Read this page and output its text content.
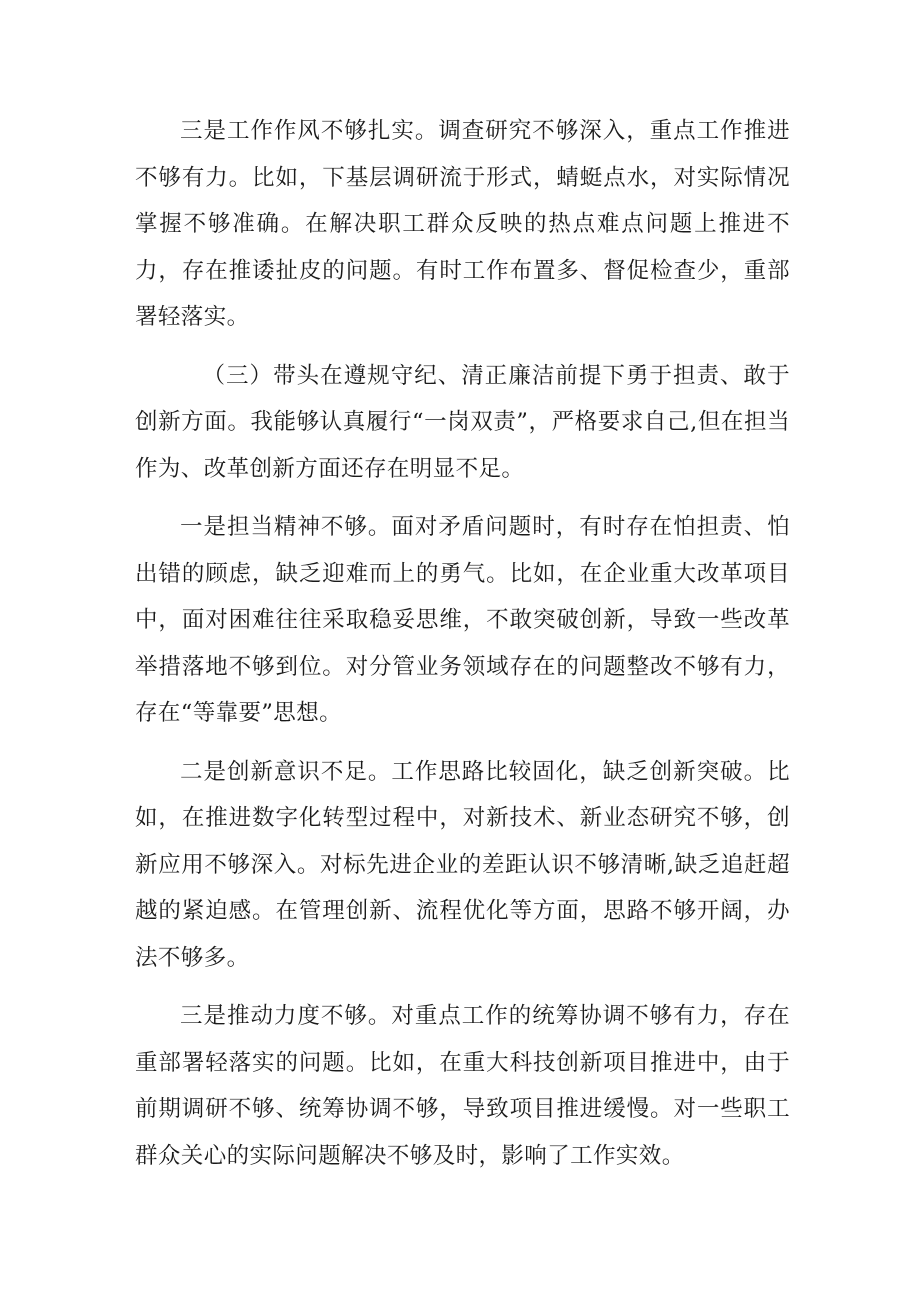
三是工作作风不够扎实。调查研究不够深入，重点工作推进不够有力。比如，下基层调研流于形式，蜻蜓点水，对实际情况掌握不够准确。在解决职工群众反映的热点难点问题上推进不力，存在推诿扯皮的问题。有时工作布置多、督促检查少，重部署轻落实。

（三）带头在遵规守纪、清正廉洁前提下勇于担责、敢于创新方面。我能够认真履行“一岗双责”，严格要求自己,但在担当作为、改革创新方面还存在明显不足。

一是担当精神不够。面对矛盾问题时，有时存在怕担责、怕出错的顾虑，缺乏迎难而上的勇气。比如，在企业重大改革项目中，面对困难往往采取稳妥思维，不敢突破创新，导致一些改革举措落地不够到位。对分管业务领域存在的问题整改不够有力，存在“等靠要”思想。

二是创新意识不足。工作思路比较固化，缺乏创新突破。比如，在推进数字化转型过程中，对新技术、新业态研究不够，创新应用不够深入。对标先进企业的差距认识不够清晰,缺乏追赶超越的紧迫感。在管理创新、流程优化等方面，思路不够开阔，办法不够多。

三是推动力度不够。对重点工作的统筹协调不够有力，存在重部署轻落实的问题。比如，在重大科技创新项目推进中，由于前期调研不够、统筹协调不够，导致项目推进缓慢。对一些职工群众关心的实际问题解决不够及时，影响了工作实效。
